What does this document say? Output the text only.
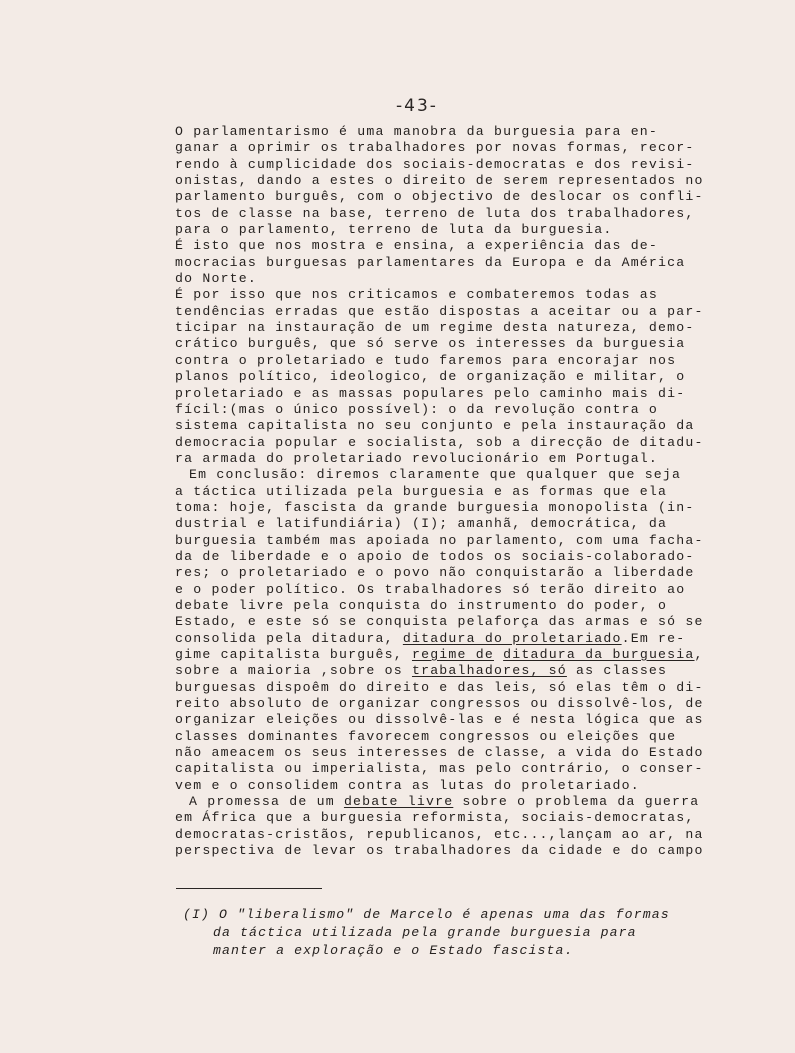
-43-
O parlamentarismo é uma manobra da burguesia para en-
ganar a oprimir os trabalhadores por novas formas, recor-
rendo à cumplicidade dos sociais-democratas e dos revisi-
onistas, dando a estes o direito de serem representados no
parlamento burguês, com o objectivo de deslocar os confli-
tos de classe na base, terreno de luta dos trabalhadores,
para o parlamento, terreno de luta da burguesia.
É isto que nos mostra e ensina, a experiência das de-
mocracias burguesas parlamentares da Europa e da América
do Norte.
É por isso que nos criticamos e combateremos todas as
tendências erradas que estão dispostas a aceitar ou a par-
ticipar na instauração de um regime desta natureza, demo-
crático burguês, que só serve os interesses da burguesia
contra o proletariado e tudo faremos para encorajar nos
planos político, ideologico, de organização e militar, o
proletariado e as massas populares pelo caminho mais di-
fícil:(mas o único possível): o da revolução contra o
sistema capitalista no seu conjunto e pela instauração da
democracia popular e socialista, sob a direcção de ditadu-
ra armada do proletariado revolucionário em Portugal.
Em conclusão: diremos claramente que qualquer que seja
a táctica utilizada pela burguesia e as formas que ela
toma: hoje, fascista da grande burguesia monopolista (in-
dustrial e latifundiária) (I); amanhã, democrática, da
burguesia também mas apoiada no parlamento, com uma facha-
da de liberdade e o apoio de todos os sociais-colaborado-
res; o proletariado e o povo não conquistarão a liberdade
e o poder político. Os trabalhadores só terão direito ao
debate livre pela conquista do instrumento do poder, o
Estado, e este só se conquista pelaforça das armas e só se
consolida pela ditadura, ditadura do proletariado.Em re-
gime capitalista burguês, regime de ditadura da burguesia,
sobre a maioria ,sobre os trabalhadores, só as classes
burguesas dispoêm do direito e das leis, só elas têm o di-
reito absoluto de organizar congressos ou dissolvê-los, de
organizar eleições ou dissolvê-las e é nesta lógica que as
classes dominantes favorecem congressos ou eleições que
não ameacem os seus interesses de classe, a vida do Estado
capitalista ou imperialista, mas pelo contrário, o conser-
vem e o consolidem contra as lutas do proletariado.
A promessa de um debate livre sobre o problema da guerra
em África que a burguesia reformista, sociais-democratas,
democratas-cristãos, republicanos, etc...,lançam ao ar, na
perspectiva de levar os trabalhadores da cidade e do campo
(I) O "liberalismo" de Marcelo é apenas uma das formas
da táctica utilizada pela grande burguesia para
manter a exploração e o Estado fascista.
